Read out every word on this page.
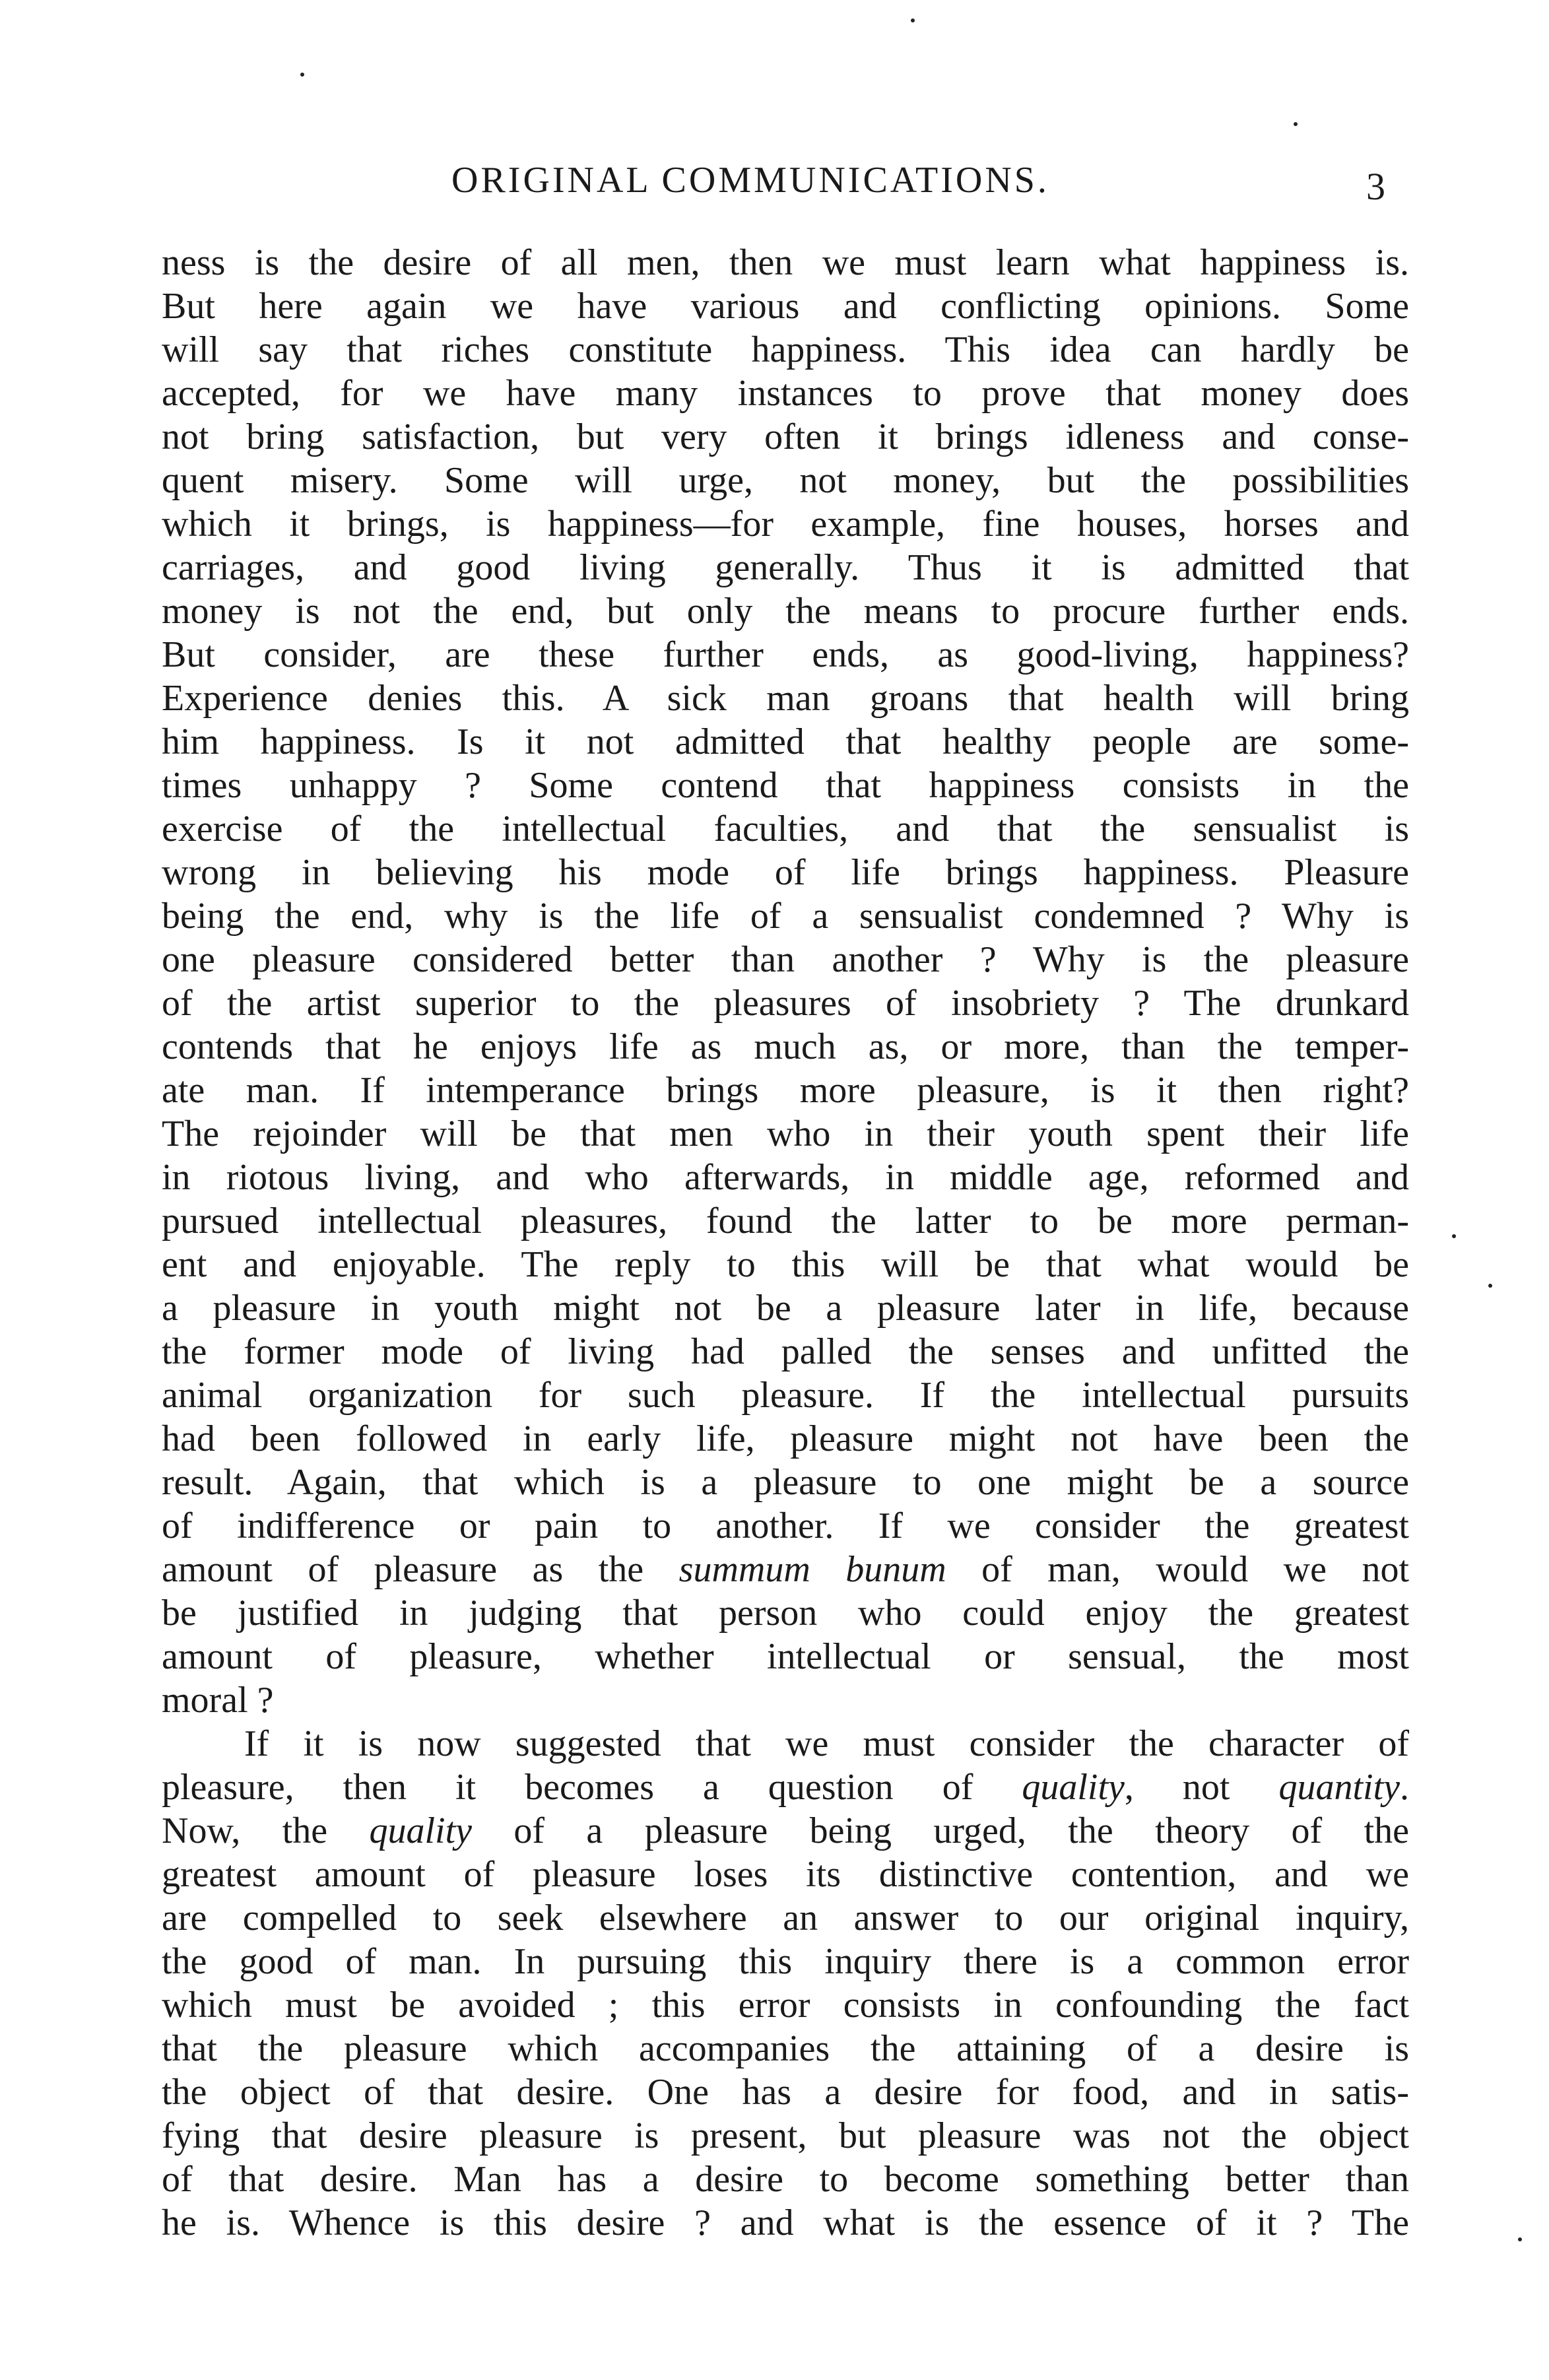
ORIGINAL COMMUNICATIONS.	3
ness is the desire of all men, then we must learn what happiness is.
But here again we have various and conflicting opinions. Some
will say that riches constitute happiness. This idea can hardly be
accepted, for we have many instances to prove that money does
not bring satisfaction, but very often it brings idleness and conse-
quent misery. Some will urge, not money, but the possibilities
which it brings, is happiness—for example, fine houses, horses and
carriages, and good living generally. Thus it is admitted that
money is not the end, but only the means to procure further ends.
But consider, are these further ends, as good-living, happiness?
Experience denies this. A sick man groans that health will bring
him happiness. Is it not admitted that healthy people are some-
times unhappy ? Some contend that happiness consists in the
exercise of the intellectual faculties, and that the sensualist is
wrong in believing his mode of life brings happiness. Pleasure
being the end, why is the life of a sensualist condemned ? Why is
one pleasure considered better than another ? Why is the pleasure
of the artist superior to the pleasures of insobriety ? The drunkard
contends that he enjoys life as much as, or more, than the temper-
ate man. If intemperance brings more pleasure, is it then right?
The rejoinder will be that men who in their youth spent their life
in riotous living, and who afterwards, in middle age, reformed and
pursued intellectual pleasures, found the latter to be more perman-
ent and enjoyable. The reply to this will be that what would be
a pleasure in youth might not be a pleasure later in life, because
the former mode of living had palled the senses and unfitted the
animal organization for such pleasure. If the intellectual pursuits
had been followed in early life, pleasure might not have been the
result. Again, that which is a pleasure to one might be a source
of indifference or pain to another. If we consider the greatest
amount of pleasure as the summum bunum of man, would we not
be justified in judging that person who could enjoy the greatest
amount of pleasure, whether intellectual or sensual, the most
moral ?
If it is now suggested that we must consider the character of
pleasure, then it becomes a question of quality, not quantity.
Now, the quality of a pleasure being urged, the theory of the
greatest amount of pleasure loses its distinctive contention, and we
are compelled to seek elsewhere an answer to our original inquiry,
the good of man. In pursuing this inquiry there is a common error
which must be avoided ; this error consists in confounding the fact
that the pleasure which accompanies the attaining of a desire is
the object of that desire. One has a desire for food, and in satis-
fying that desire pleasure is present, but pleasure was not the object
of that desire. Man has a desire to become something better than
he is. Whence is this desire ? and what is the essence of it ? The
